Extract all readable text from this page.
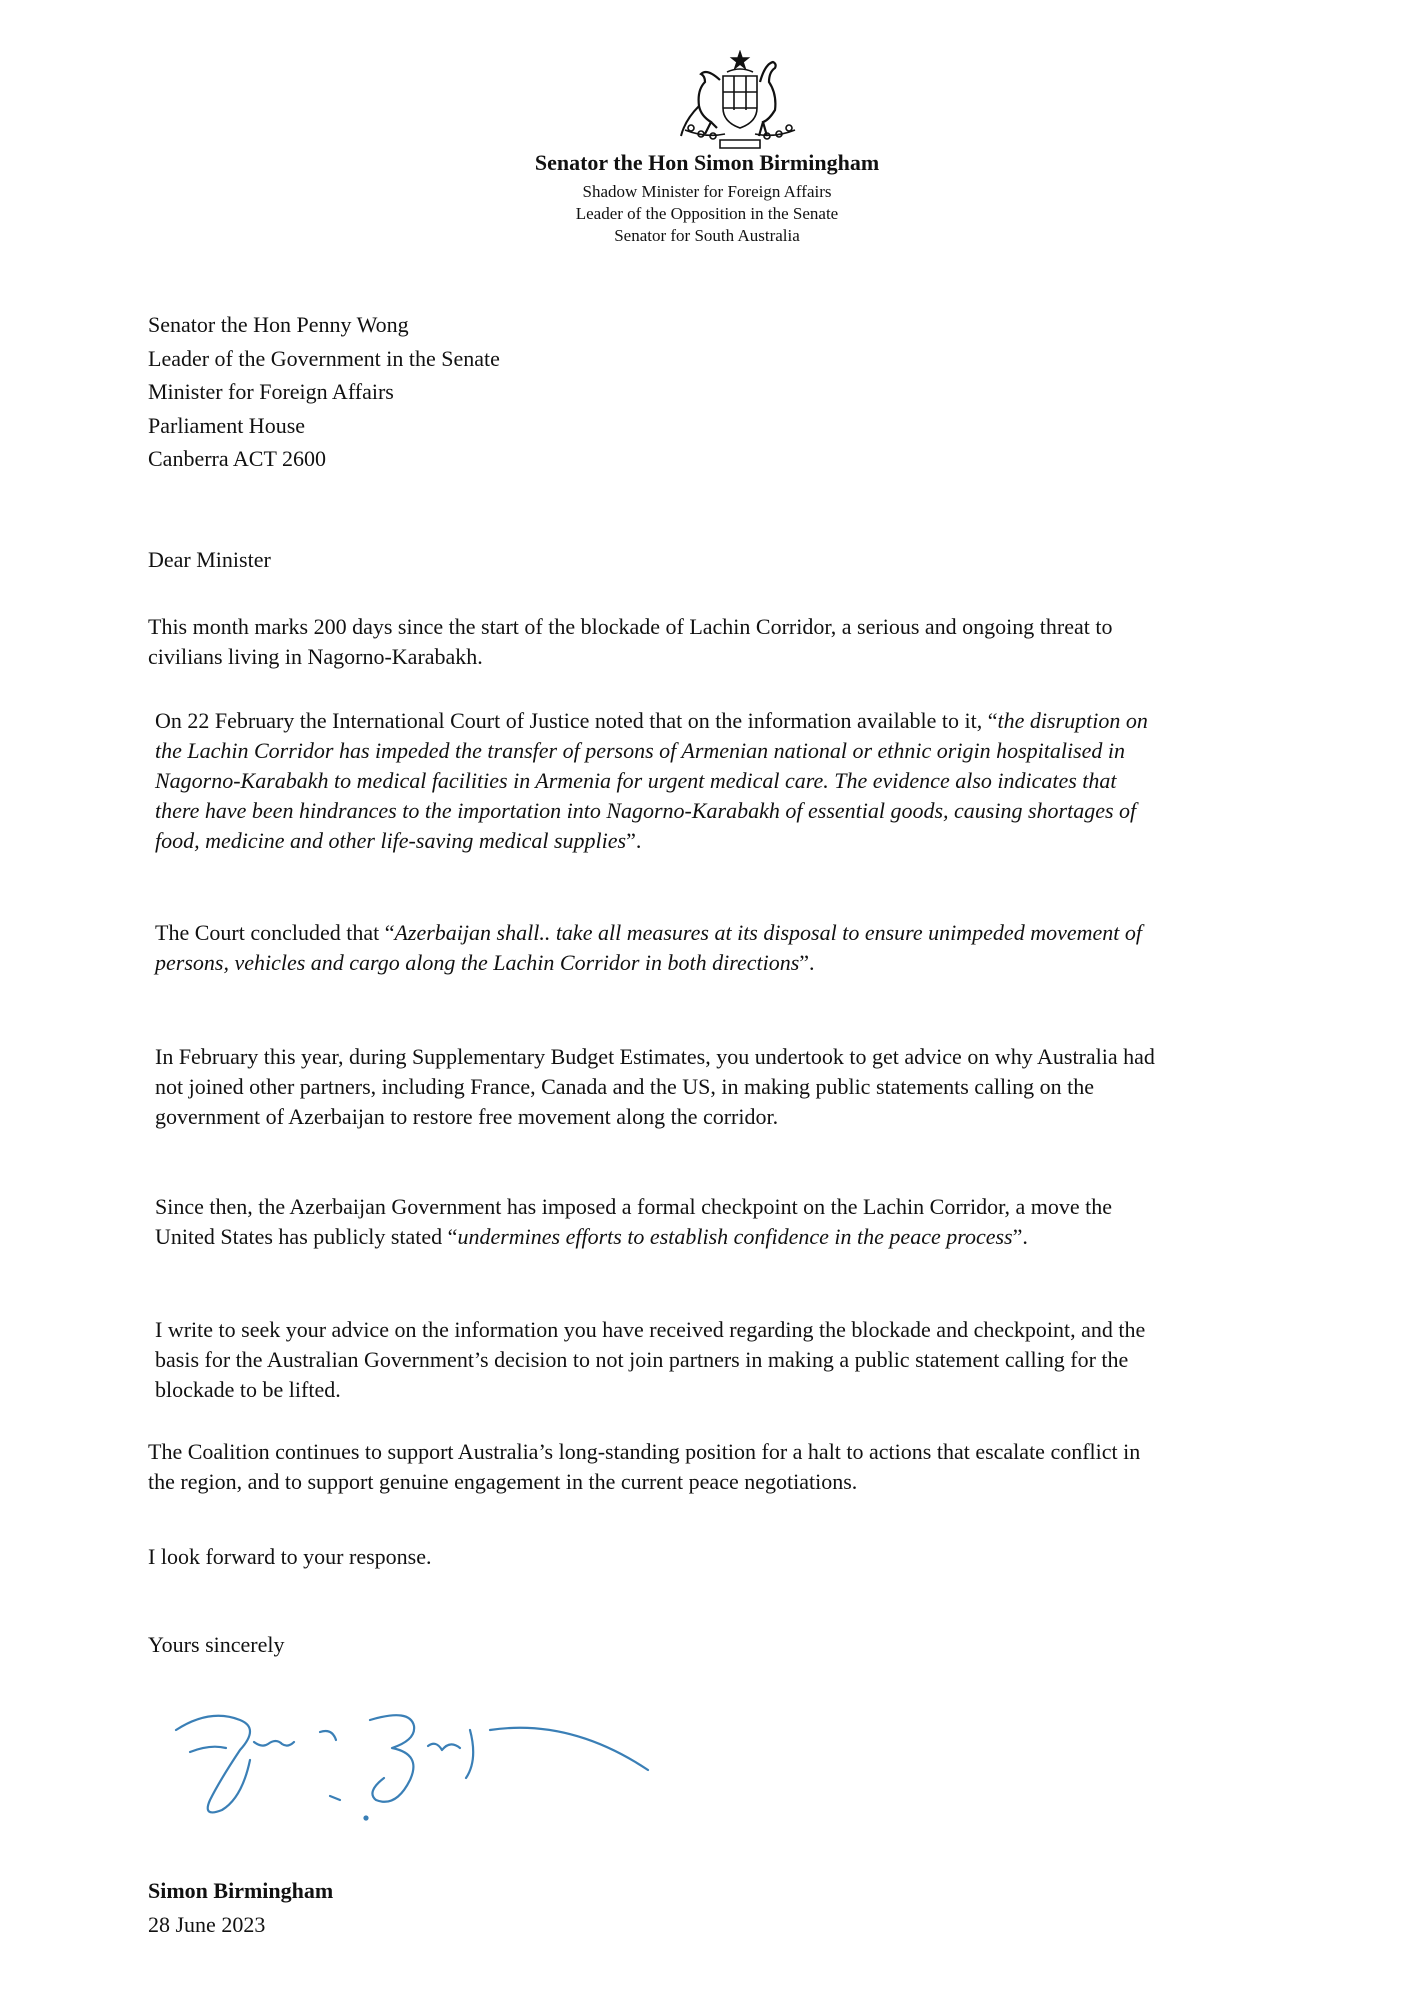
Senator the Hon Simon Birmingham
Shadow Minister for Foreign Affairs
Leader of the Opposition in the Senate
Senator for South Australia
Senator the Hon Penny Wong
Leader of the Government in the Senate
Minister for Foreign Affairs
Parliament House
Canberra ACT 2600
Dear Minister
This month marks 200 days since the start of the blockade of Lachin Corridor, a serious and ongoing threat to civilians living in Nagorno-Karabakh.
On 22 February the International Court of Justice noted that on the information available to it, “the disruption on the Lachin Corridor has impeded the transfer of persons of Armenian national or ethnic origin hospitalised in Nagorno-Karabakh to medical facilities in Armenia for urgent medical care. The evidence also indicates that there have been hindrances to the importation into Nagorno-Karabakh of essential goods, causing shortages of food, medicine and other life-saving medical supplies”.
The Court concluded that “Azerbaijan shall.. take all measures at its disposal to ensure unimpeded movement of persons, vehicles and cargo along the Lachin Corridor in both directions”.
In February this year, during Supplementary Budget Estimates, you undertook to get advice on why Australia had not joined other partners, including France, Canada and the US, in making public statements calling on the government of Azerbaijan to restore free movement along the corridor.
Since then, the Azerbaijan Government has imposed a formal checkpoint on the Lachin Corridor, a move the United States has publicly stated “undermines efforts to establish confidence in the peace process”.
I write to seek your advice on the information you have received regarding the blockade and checkpoint, and the basis for the Australian Government’s decision to not join partners in making a public statement calling for the blockade to be lifted.
The Coalition continues to support Australia’s long-standing position for a halt to actions that escalate conflict in the region, and to support genuine engagement in the current peace negotiations.
I look forward to your response.
Yours sincerely
Simon Birmingham
28 June 2023
